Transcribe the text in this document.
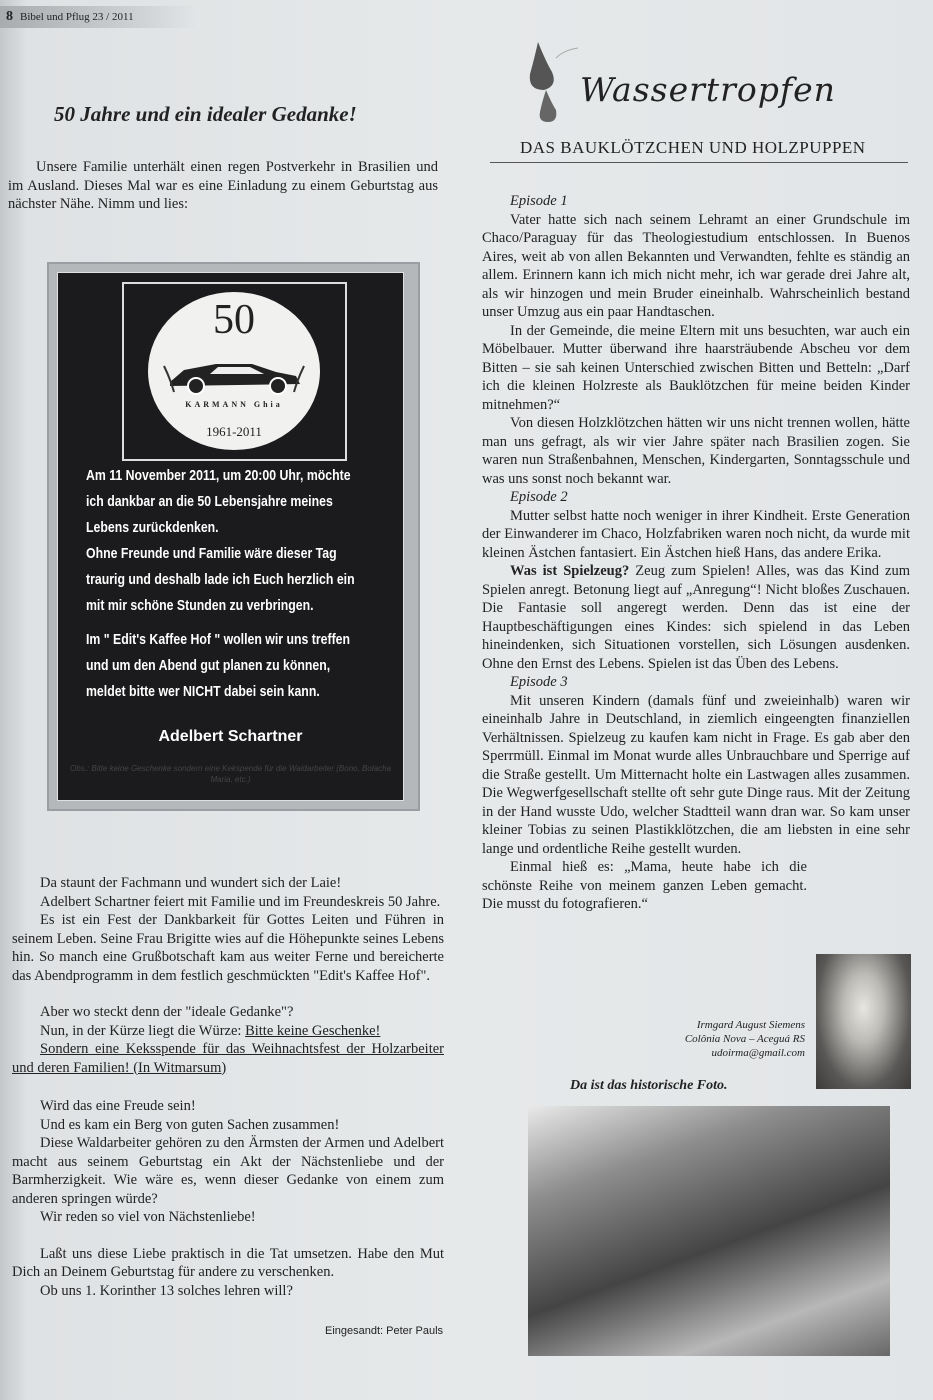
8 Bibel und Pflug 23 / 2011
50 Jahre und ein idealer Gedanke!

Unsere Familie unterhält einen regen Postverkehr in Brasilien und im Ausland. Dieses Mal war es eine Einladung zu einem Geburtstag aus nächster Nähe. Nimm und lies:

50
KARMANN Ghia
1961-2011
Am 11 November 2011, um 20:00 Uhr, möchte ich dankbar an die 50 Lebensjahre meines Lebens zurückdenken.
Ohne Freunde und Familie wäre dieser Tag traurig und deshalb lade ich Euch herzlich ein mit mir schöne Stunden zu verbringen.
Im " Edit's Kaffee Hof " wollen wir uns treffen und um den Abend gut planen zu können, meldet bitte wer NICHT dabei sein kann.
Adelbert Schartner
Obs.: Bitte keine Geschenke sondern eine Kekspende für die Waldarbeiter (Bono, Bolacha Maria, etc.)

Da staunt der Fachmann und wundert sich der Laie!

Adelbert Schartner feiert mit Familie und im Freundeskreis 50 Jahre.

Es ist ein Fest der Dankbarkeit für Gottes Leiten und Führen in seinem Leben. Seine Frau Brigitte wies auf die Höhepunkte seines Lebens hin. So manch eine Grußbotschaft kam aus weiter Ferne und bereicherte das Abendprogramm in dem festlich geschmückten "Edit's Kaffee Hof".

Aber wo steckt denn der "ideale Gedanke"?

Nun, in der Kürze liegt die Würze: Bitte keine Geschenke!

Sondern eine Keksspende für das Weihnachtsfest der Holzarbeiter und deren Familien! (In Witmarsum)

Wird das eine Freude sein!

Und es kam ein Berg von guten Sachen zusammen!

Diese Waldarbeiter gehören zu den Ärmsten der Armen und Adelbert macht aus seinem Geburtstag ein Akt der Nächstenliebe und der Barmherzigkeit. Wie wäre es, wenn dieser Gedanke von einem zum anderen springen würde?

Wir reden so viel von Nächstenliebe!

Laßt uns diese Liebe praktisch in die Tat umsetzen. Habe den Mut Dich an Deinem Geburtstag für andere zu verschenken.

Ob uns 1. Korinther 13 solches lehren will?

Eingesandt: Peter Pauls
Wassertropfen
DAS BAUKLÖTZCHEN UND HOLZPUPPEN

Episode 1

Vater hatte sich nach seinem Lehramt an einer Grundschule im Chaco/Paraguay für das Theologiestudium entschlossen. In Buenos Aires, weit ab von allen Bekannten und Verwandten, fehlte es ständig an allem. Erinnern kann ich mich nicht mehr, ich war gerade drei Jahre alt, als wir hinzogen und mein Bruder eineinhalb. Wahrscheinlich bestand unser Umzug aus ein paar Handtaschen.

In der Gemeinde, die meine Eltern mit uns besuchten, war auch ein Möbelbauer. Mutter überwand ihre haarsträubende Abscheu vor dem Bitten – sie sah keinen Unterschied zwischen Bitten und Betteln: „Darf ich die kleinen Holzreste als Bauklötzchen für meine beiden Kinder mitnehmen?“

Von diesen Holzklötzchen hätten wir uns nicht trennen wollen, hätte man uns gefragt, als wir vier Jahre später nach Brasilien zogen. Sie waren nun Straßenbahnen, Menschen, Kindergarten, Sonntagsschule und was uns sonst noch bekannt war.

Episode 2

Mutter selbst hatte noch weniger in ihrer Kindheit. Erste Generation der Einwanderer im Chaco, Holzfabriken waren noch nicht, da wurde mit kleinen Ästchen fantasiert. Ein Ästchen hieß Hans, das andere Erika.

Was ist Spielzeug? Zeug zum Spielen! Alles, was das Kind zum Spielen anregt. Betonung liegt auf „Anregung“! Nicht bloßes Zuschauen. Die Fantasie soll angeregt werden. Denn das ist eine der Hauptbeschäftigungen eines Kindes: sich spielend in das Leben hineindenken, sich Situationen vorstellen, sich Lösungen ausdenken. Ohne den Ernst des Lebens. Spielen ist das Üben des Lebens.

Episode 3

Mit unseren Kindern (damals fünf und zweieinhalb) waren wir eineinhalb Jahre in Deutschland, in ziemlich eingeengten finanziellen Verhältnissen. Spielzeug zu kaufen kam nicht in Frage. Es gab aber den Sperrmüll. Einmal im Monat wurde alles Unbrauchbare und Sperrige auf die Straße gestellt. Um Mitternacht holte ein Lastwagen alles zusammen. Die Wegwerfgesellschaft stellte oft sehr gute Dinge raus. Mit der Zeitung in der Hand wusste Udo, welcher Stadtteil wann dran war. So kam unser kleiner Tobias zu seinen Plastikklötzchen, die am liebsten in eine sehr lange und ordentliche Reihe gestellt wurden.

Einmal hieß es: „Mama, heute habe ich die schönste Reihe von meinem ganzen Leben gemacht. Die musst du fotografieren.“

Irmgard August Siemens
Colônia Nova – Aceguá RS
udoirma@gmail.com
Da ist das historische Foto.
